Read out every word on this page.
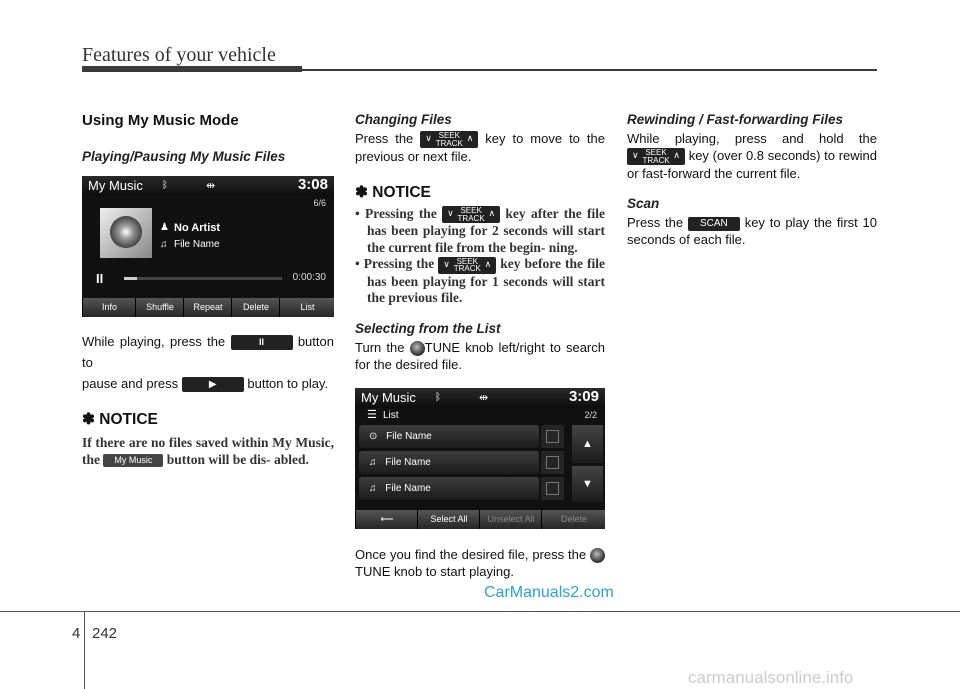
Features of your vehicle
Using My Music Mode
Playing/Pausing My Music Files
My Music ᛒ	⇹	3:08
6/6
♟ No Artist
♫ File Name
II	0:00:30
Info	Shuffle	Repeat	Delete	List
While playing, press the	II	button to
pause and press	▶ button to play.
✽ NOTICE
If there are no files saved within My Music, the My Music button will be dis- abled.
Changing Files
Press the ∨ SEEK
TRACK ∧ key to move to the previous or next file.
✽ NOTICE
• Pressing the ∨ SEEK
TRACK ∧ key after the file has been playing for 2 seconds will start the current file from the begin- ning.
• Pressing the ∨ SEEK
TRACK ∧ key before the file has been playing for 1 seconds will start the previous file.
Selecting from the List
Turn the TUNE knob left/right to search for the desired file.
My Music ᛒ	⇹	3:09
☰ List	2/2
⊙ File Name
♫ File Name
♫ File Name
▲
▼
⟵	Select All	Unselect All	Delete
Once you find the desired file, press the TUNE knob to start playing.
Rewinding / Fast-forwarding Files
While playing, press and hold the
∨ SEEK
TRACK ∧ key (over 0.8 seconds) to rewind or fast-forward the current file.
Scan
Press the SCAN key to play the first 10 seconds of each file.
CarManuals2.com
4 242
carmanualsonline.info
